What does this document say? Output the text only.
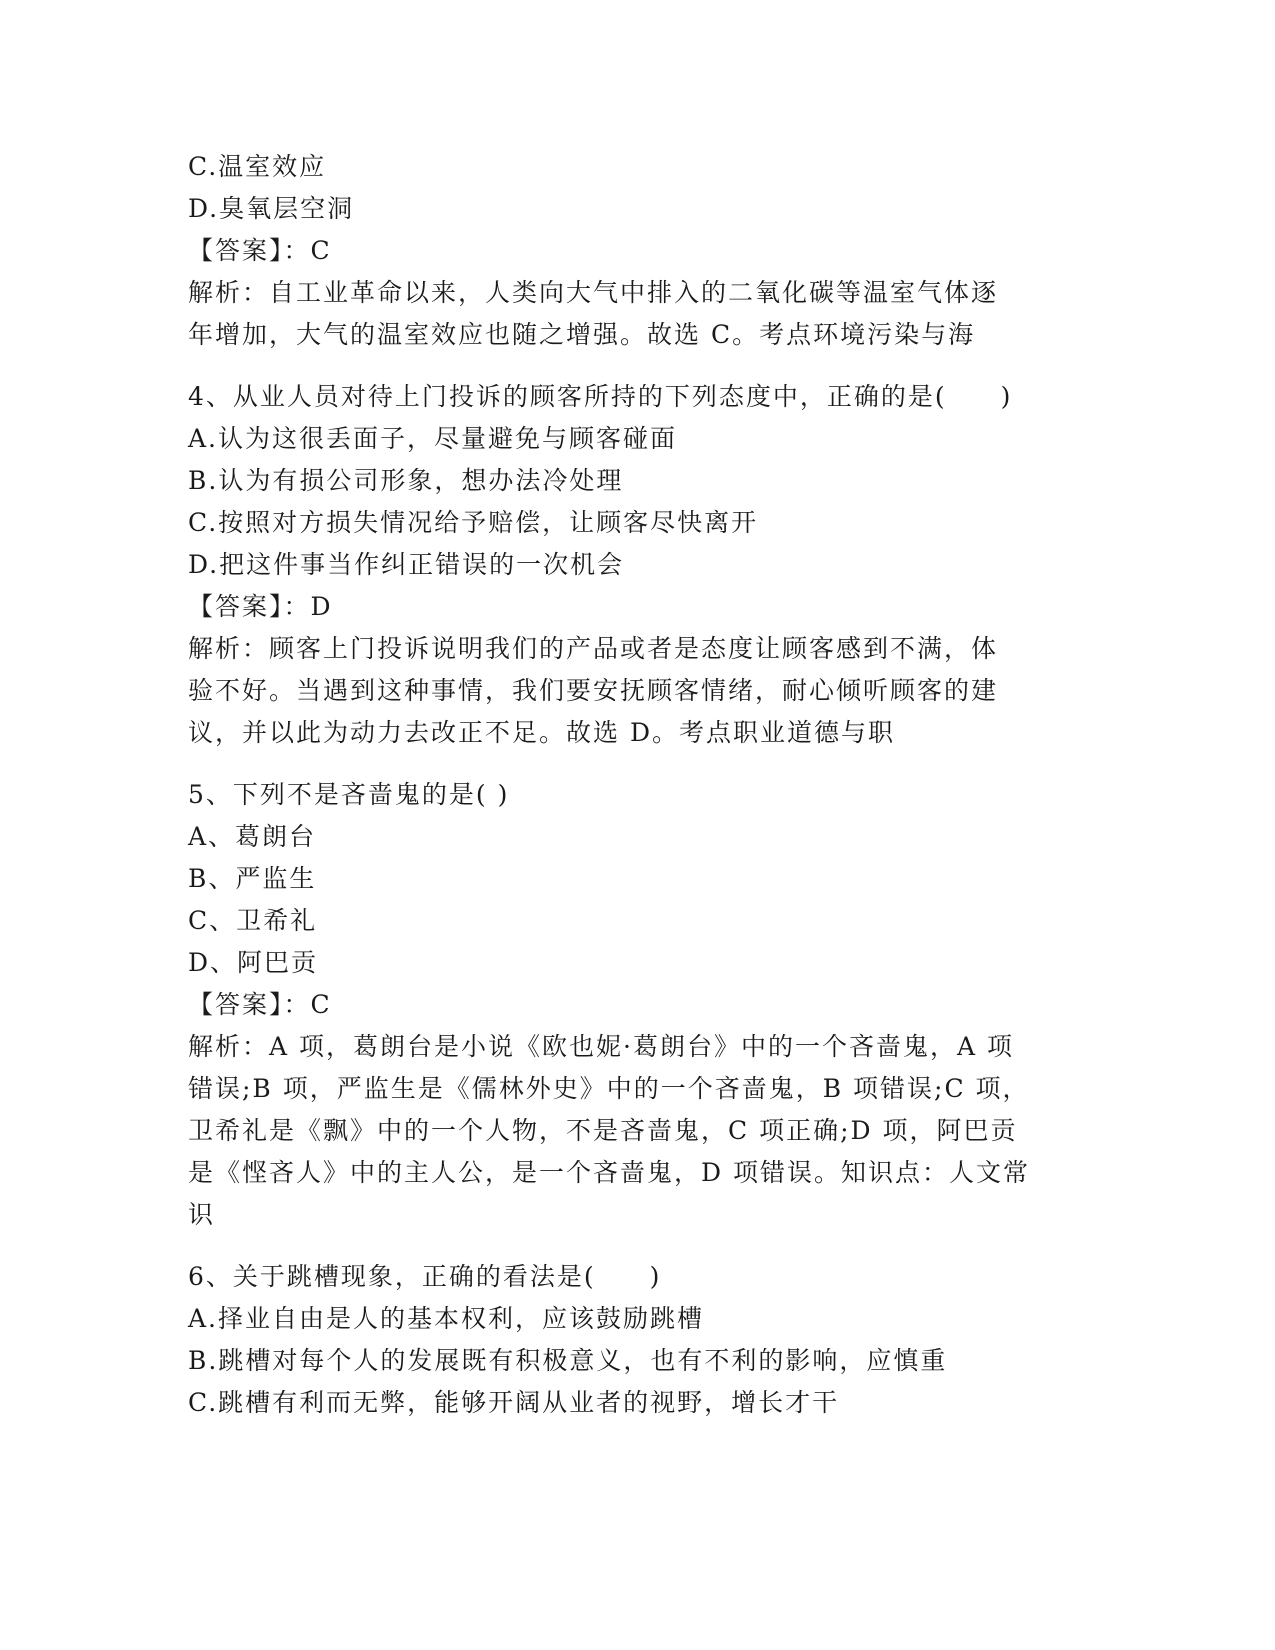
C.温室效应
D.臭氧层空洞
【答案】：C
解析：自工业革命以来，人类向大气中排入的二氧化碳等温室气体逐
年增加，大气的温室效应也随之增强。故选 C。考点环境污染与海
4、从业人员对待上门投诉的顾客所持的下列态度中，正确的是(　　)
A.认为这很丢面子，尽量避免与顾客碰面
B.认为有损公司形象，想办法冷处理
C.按照对方损失情况给予赔偿，让顾客尽快离开
D.把这件事当作纠正错误的一次机会
【答案】：D
解析：顾客上门投诉说明我们的产品或者是态度让顾客感到不满，体
验不好。当遇到这种事情，我们要安抚顾客情绪，耐心倾听顾客的建
议，并以此为动力去改正不足。故选 D。考点职业道德与职
5、下列不是吝啬鬼的是( )
A、葛朗台
B、严监生
C、卫希礼
D、阿巴贡
【答案】：C
解析：A 项，葛朗台是小说《欧也妮·葛朗台》中的一个吝啬鬼，A 项
错误;B 项，严监生是《儒林外史》中的一个吝啬鬼，B 项错误;C 项，
卫希礼是《飘》中的一个人物，不是吝啬鬼，C 项正确;D 项，阿巴贡
是《悭吝人》中的主人公，是一个吝啬鬼，D 项错误。知识点：人文常
识
6、关于跳槽现象，正确的看法是(　　)
A.择业自由是人的基本权利，应该鼓励跳槽
B.跳槽对每个人的发展既有积极意义，也有不利的影响，应慎重
C.跳槽有利而无弊，能够开阔从业者的视野，增长才干
